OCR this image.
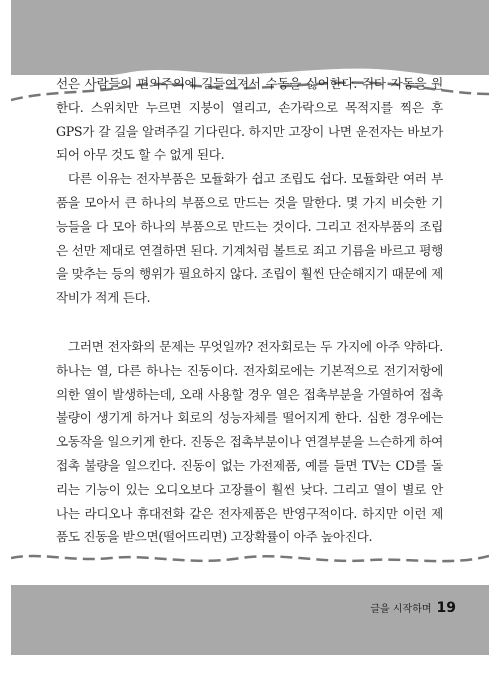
선은 사람들이 편의주의에 길들여져서 수동을 싫어한다. 쥐다 자동을 원한다. 스위치만 누르면 지붕이 열리고, 손가락으로 목적지를 찍은 후 GPS가 갈 길을 알려주길 기다린다. 하지만 고장이 나면 운전자는 바보가 되어 아무 것도 할 수 없게 된다.

다른 이유는 전자부품은 모듈화가 쉽고 조립도 쉽다. 모듈화란 여러 부품을 모아서 큰 하나의 부품으로 만드는 것을 말한다. 몇 가지 비슷한 기능들을 다 모아 하나의 부품으로 만드는 것이다. 그리고 전자부품의 조립은 선만 제대로 연결하면 된다. 기계처럼 볼트로 죄고 기름을 바르고 평행을 맞추는 등의 행위가 필요하지 않다. 조립이 훨씬 단순해지기 때문에 제작비가 적게 든다.

그러면 전자화의 문제는 무엇일까? 전자회로는 두 가지에 아주 약하다. 하나는 열, 다른 하나는 진동이다. 전자회로에는 기본적으로 전기저항에 의한 열이 발생하는데, 오래 사용할 경우 열은 접촉부분을 가열하여 접촉 불량이 생기게 하거나 회로의 성능자체를 떨어지게 한다. 심한 경우에는 오동작을 일으키게 한다. 진동은 접촉부분이나 연결부분을 느슨하게 하여 접촉 불량을 일으킨다. 진동이 없는 가전제품, 예를 들면 TV는 CD를 돌리는 기능이 있는 오디오보다 고장률이 훨씬 낮다. 그리고 열이 별로 안 나는 라디오나 휴대전화 같은 전자제품은 반영구적이다. 하지만 이런 제품도 진동을 받으면(떨어뜨리면) 고장확률이 아주 높아진다.

글을 시작하며 19
